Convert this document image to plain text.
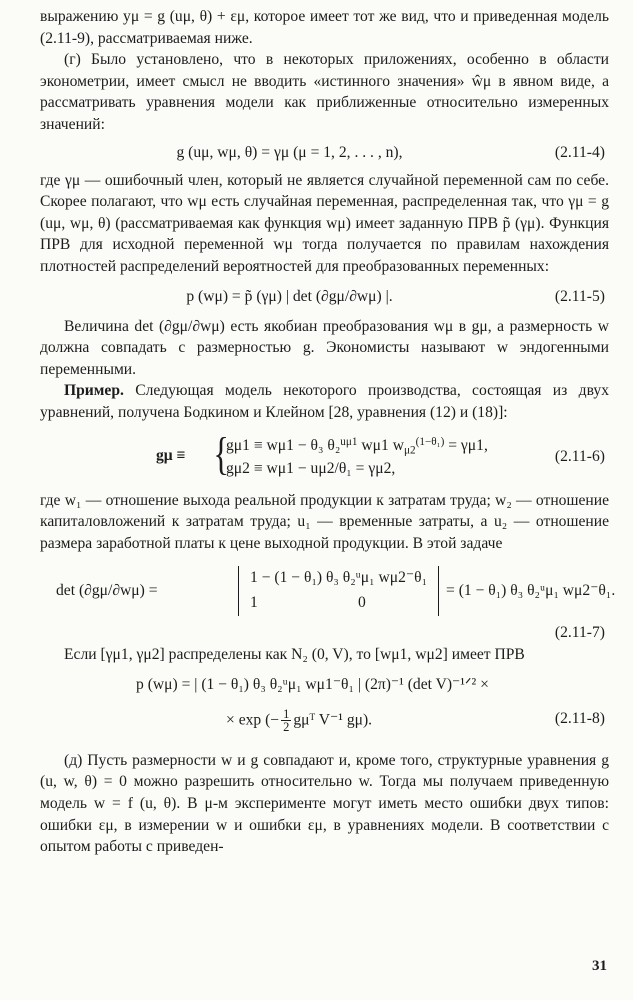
выражению yμ = g (uμ, θ) + εμ, которое имеет тот же вид, что и приведенная модель (2.11-9), рассматриваемая ниже.

(г) Было установлено, что в некоторых приложениях, особенно в области эконометрии, имеет смысл не вводить «истинного значения» ŵμ в явном виде, а рассматривать уравнения модели как приближенные относительно измеренных значений:

g (uμ, wμ, θ) = γμ (μ = 1, 2, . . . , n),	(2.11-4)

где γμ — ошибочный член, который не является случайной переменной сам по себе. Скорее полагают, что wμ есть случайная переменная, распределенная так, что γμ = g (uμ, wμ, θ) (рассматриваемая как функция wμ) имеет заданную ПРВ p̃ (γμ). Функция ПРВ для исходной переменной wμ тогда получается по правилам нахождения плотностей распределений вероятностей для преобразованных переменных:

p (wμ) = p̃ (γμ) | det (∂gμ/∂wμ) |.	(2.11-5)

Величина det (∂gμ/∂wμ) есть якобиан преобразования wμ в gμ, а размерность w должна совпадать с размерностью g. Экономисты называют w эндогенными переменными.

Пример. Следующая модель некоторого производства, состоящая из двух уравнений, получена Бодкином и Клейном [28, уравнения (12) и (18)]:

gμ ≡ {
gμ1 ≡ wμ1 − θ₃ θ₂$^{u\mu 1}$ wμ1 $w_{\mu 2}^{(1-\theta_1)} = \gamma\mu 1$,
gμ2 ≡ wμ1 − uμ2/θ₁ = γμ2,
(2.11-6)

где w₁ — отношение выхода реальной продукции к затратам труда; w₂ — отношение капиталовложений к затратам труда; u₁ — временные затраты, а u₂ — отношение размера заработной платы к цене выходной продукции. В этой задаче

det (∂gμ/∂wμ) =
1 − (1 − θ₁) θ₃ θ₂ᵘμ₁ wμ2⁻θ₁
1	0
= (1 − θ₁) θ₃ θ₂ᵘμ₁ wμ2⁻θ₁.
(2.11-7)

Если [γμ1, γμ2] распределены как N₂ (0, V), то [wμ1, wμ2] имеет ПРВ

p (wμ) = | (1 − θ₁) θ₃ θ₂ᵘμ₁ wμ1⁻θ₁ | (2π)⁻¹ (det V)⁻¹ᐟ² ×
× exp (− $\frac{1}{2}$ gμᵀ V⁻¹ gμ).	(2.11-8)

(д) Пусть размерности w и g совпадают и, кроме того, структурные уравнения g (u, w, θ) = 0 можно разрешить относительно w. Тогда мы получаем приведенную модель w = f (u, θ). В μ-м эксперименте могут иметь место ошибки двух типов: ошибки εμ, в измерении w и ошибки εμ, в уравнениях модели. В соответствии с опытом работы с приведен-

31
